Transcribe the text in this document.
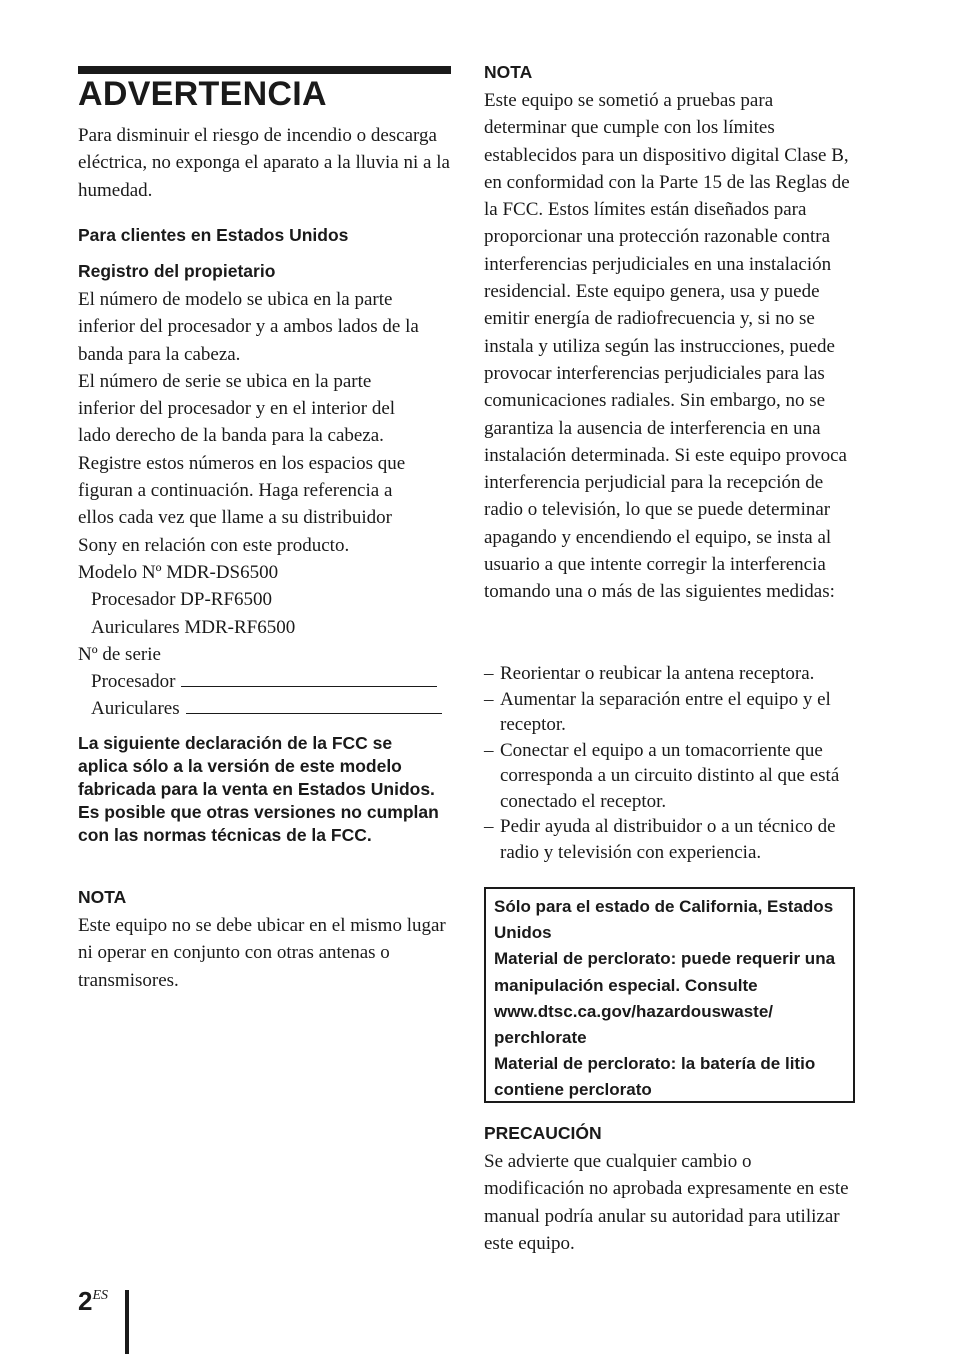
ADVERTENCIA

Para disminuir el riesgo de incendio o descarga eléctrica, no exponga el aparato a la lluvia ni a la humedad.

Para clientes en Estados Unidos
Registro del propietario
El número de modelo se ubica en la parte
inferior del procesador y a ambos lados de la
banda para la cabeza.
El número de serie se ubica en la parte
inferior del procesador y en el interior del
lado derecho de la banda para la cabeza.
Registre estos números en los espacios que
figuran a continuación. Haga referencia a
ellos cada vez que llame a su distribuidor
Sony en relación con este producto.
Modelo Nº MDR-DS6500
Procesador DP-RF6500
Auriculares MDR-RF6500
Nº de serie
Procesador
Auriculares
La siguiente declaración de la FCC se aplica sólo a la versión de este modelo fabricada para la venta en Estados Unidos. Es posible que otras versiones no cumplan con las normas técnicas de la FCC.
NOTA

Este equipo no se debe ubicar en el mismo lugar ni operar en conjunto con otras antenas o transmisores.

NOTA

Este equipo se sometió a pruebas para determinar que cumple con los límites establecidos para un dispositivo digital Clase B, en conformidad con la Parte 15 de las Reglas de la FCC. Estos límites están diseñados para proporcionar una protección razonable contra interferencias perjudiciales en una instalación residencial. Este equipo genera, usa y puede emitir energía de radiofrecuencia y, si no se instala y utiliza según las instrucciones, puede provocar interferencias perjudiciales para las comunicaciones radiales. Sin embargo, no se garantiza la ausencia de interferencia en una instalación determinada. Si este equipo provoca interferencia perjudicial para la recepción de radio o televisión, lo que se puede determinar apagando y encendiendo el equipo, se insta al usuario a que intente corregir la interferencia tomando una o más de las siguientes medidas:

– Reorientar o reubicar la antena receptora.
– Aumentar la separación entre el equipo y el receptor.
– Conectar el equipo a un tomacorriente que corresponda a un circuito distinto al que está conectado el receptor.
– Pedir ayuda al distribuidor o a un técnico de radio y televisión con experiencia.
Sólo para el estado de California, Estados Unidos
Material de perclorato: puede requerir una manipulación especial. Consulte www.dtsc.ca.gov/hazardouswaste/ perchlorate
Material de perclorato: la batería de litio contiene perclorato
PRECAUCIÓN

Se advierte que cualquier cambio o modificación no aprobada expresamente en este manual podría anular su autoridad para utilizar este equipo.

$2^{ES}$
